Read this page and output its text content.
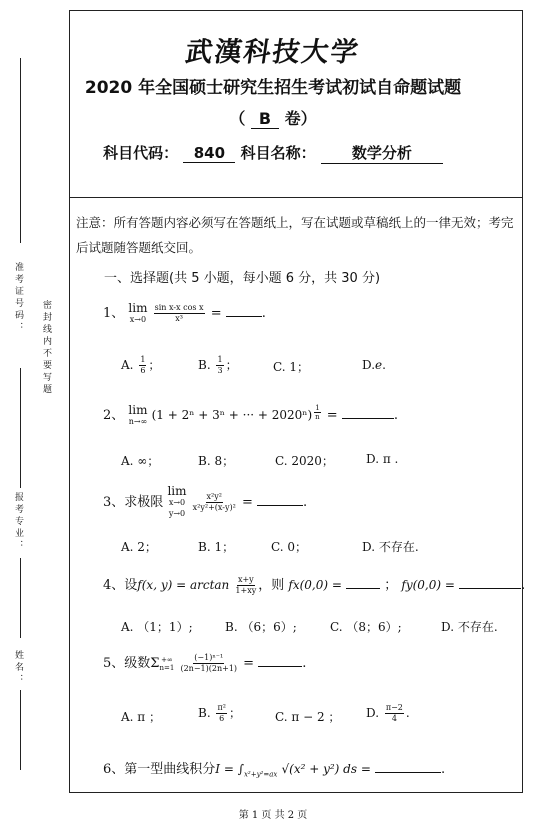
准考证号码：
密封线内不要写题
报考专业：
姓名：
武漢科技大学
2020 年全国硕士研究生招生考试初试自命题试题
（ B 卷）
科目代码： 840 科目名称： 数学分析
注意：所有答题内容必须写在答题纸上，写在试题或草稿纸上的一律无效；考完后试题随答题纸交回。
一、选择题(共 5 小题，每小题 6 分，共 30 分)
1、 lim
x→0
$\frac{\text{sin x-x cos x}}{\text{x³}}$ =	.
A. $\frac{1}{6}$ ；	B. $\frac{1}{3}$ ；	C. 1；	D.e.
2、 lim
n→∞ (1 + 2ⁿ + 3ⁿ + ··· + $2020^n) \frac{1}{n}$ =	.
A. ∞；	B. 8；	C. 2020；	D. π .
3、求极限
lim
x→0
y→0

$\frac{\text{x²y²}}{\text{x²y²+(x-y)²}}$ =	.
A. 2；	B. 1；	C. 0；	D. 不存在.
4、设f(x, $y) = \arctan \frac{x+y}{1+xy}$ ，则 fx(0,0) =	； fy(0,0) =	.
A. （1；1）;	B. （6；6）;	C. （8；6）;	D. 不存在.
5、级数Σ +∞
n=1
$\frac{\text{(−1)ⁿ⁻¹}}{(2n-1)(2n+1)}$ =	.
A. π ；	B. $\frac{\text{π²}}{6}$ ；	C. π − 2 ； D. $\frac{\pi-2}{4}$ .
6、第一型曲线积分$I = \int_{x^2+y^2=ax}$ √(x² + y²) ds =	.
第 1 页 共 2 页
